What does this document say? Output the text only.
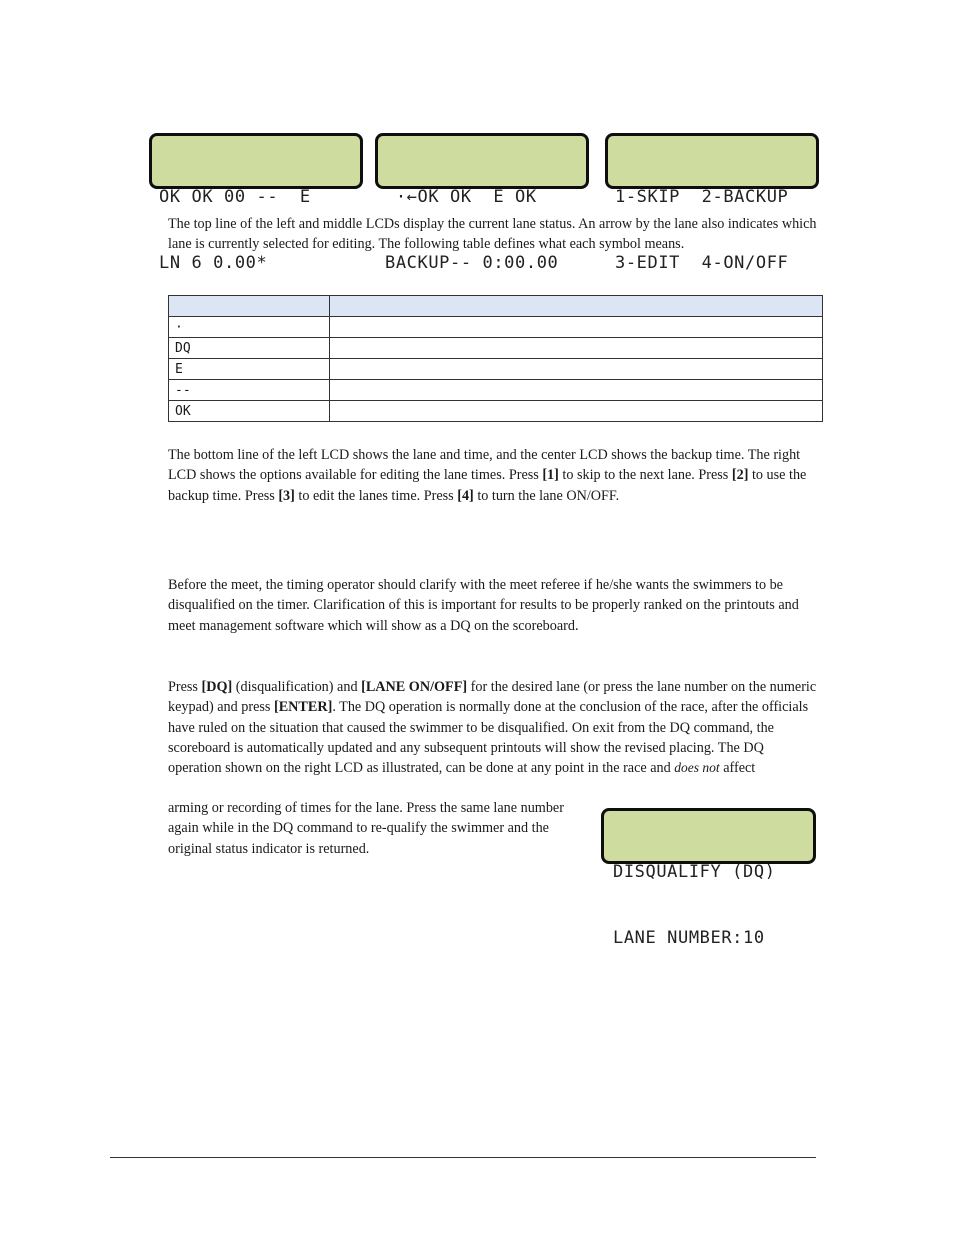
OK OK 00 --  E

LN 6 0.00*

·←OK OK  E OK

BACKUP-- 0:00.00

1-SKIP  2-BACKUP

3-EDIT  4-ON/OFF

The top line of the left and middle LCDs display the current lane status. An arrow by the lane also indicates which lane is currently selected for editing. The following table defines what each symbol means.

·	
DQ	
E	
--	
OK	

The bottom line of the left LCD shows the lane and time, and the center LCD shows the backup time. The right LCD shows the options available for editing the lane times. Press [1] to skip to the next lane. Press [2] to use the backup time. Press [3] to edit the lanes time. Press [4] to turn the lane ON/OFF.

Before the meet, the timing operator should clarify with the meet referee if he/she wants the swimmers to be disqualified on the timer. Clarification of this is important for results to be properly ranked on the printouts and meet management software which will show as a DQ on the scoreboard.

Press [DQ] (disqualification) and [LANE ON/OFF] for the desired lane (or press the lane number on the numeric keypad) and press [ENTER]. The DQ operation is normally done at the conclusion of the race, after the officials have ruled on the situation that caused the swimmer to be disqualified. On exit from the DQ command, the scoreboard is automatically updated and any subsequent printouts will show the revised placing. The DQ operation shown on the right LCD as illustrated, can be done at any point in the race and does not affect

arming or recording of times for the lane. Press the same lane number again while in the DQ command to re-qualify the swimmer and the original status indicator is returned.

DISQUALIFY (DQ)

LANE NUMBER:10
